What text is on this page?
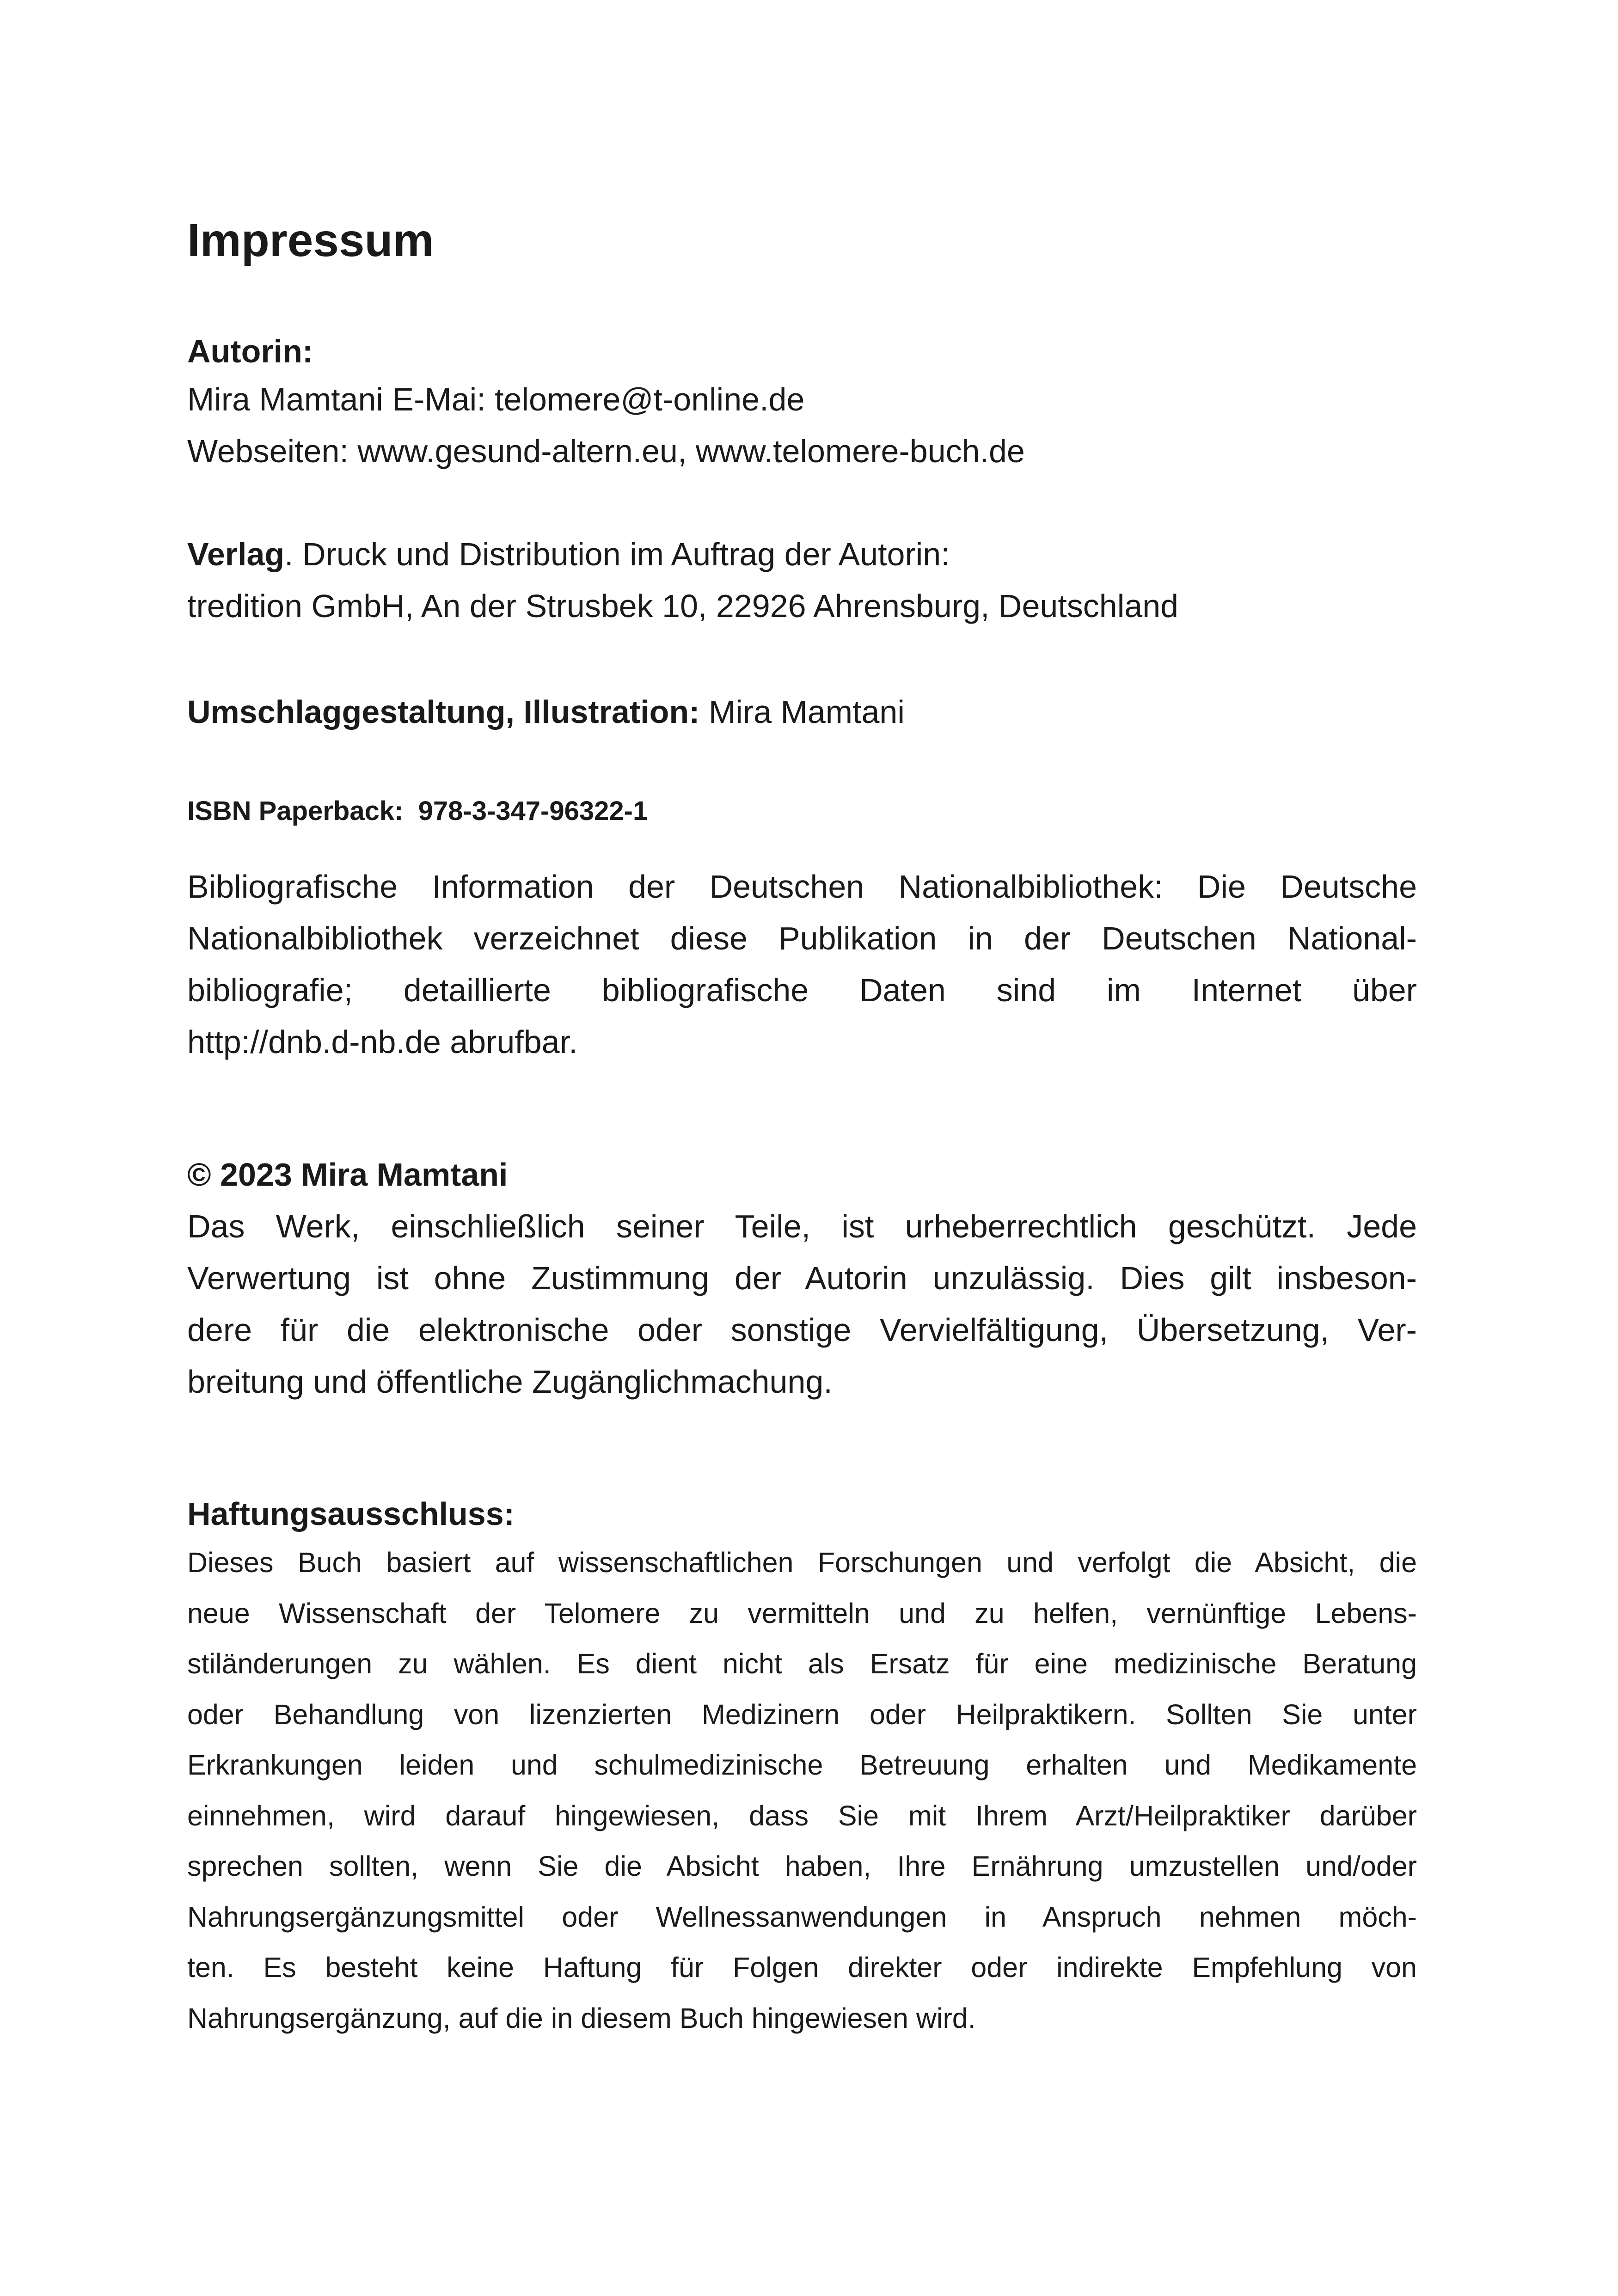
Impressum
Autorin:
Mira Mamtani E-Mai: telomere@t-online.de
Webseiten: www.gesund-altern.eu, www.telomere-buch.de
Verlag. Druck und Distribution im Auftrag der Autorin:
tredition GmbH, An der Strusbek 10, 22926 Ahrensburg, Deutschland
Umschlaggestaltung, Illustration: Mira Mamtani
ISBN Paperback:  978-3-347-96322-1
Bibliografische Information der Deutschen Nationalbibliothek: Die Deutsche
Nationalbibliothek verzeichnet diese Publikation in der Deutschen National-
bibliografie; detaillierte bibliografische Daten sind im Internet über
http://dnb.d-nb.de abrufbar.
© 2023 Mira Mamtani
Das Werk, einschließlich seiner Teile, ist urheberrechtlich geschützt. Jede
Verwertung ist ohne Zustimmung der Autorin unzulässig. Dies gilt insbeson-
dere für die elektronische oder sonstige Vervielfältigung, Übersetzung, Ver-
breitung und öffentliche Zugänglichmachung.
Haftungsausschluss:
Dieses Buch basiert auf wissenschaftlichen Forschungen und verfolgt die Absicht, die
neue Wissenschaft der Telomere zu vermitteln und zu helfen, vernünftige Lebens-
stiländerungen zu wählen. Es dient nicht als Ersatz für eine medizinische Beratung
oder Behandlung von lizenzierten Medizinern oder Heilpraktikern. Sollten Sie unter
Erkrankungen leiden und schulmedizinische Betreuung erhalten und Medikamente
einnehmen, wird darauf hingewiesen, dass Sie mit Ihrem Arzt/Heilpraktiker darüber
sprechen sollten, wenn Sie die Absicht haben, Ihre Ernährung umzustellen und/oder
Nahrungsergänzungsmittel oder Wellnessanwendungen in Anspruch nehmen möch-
ten. Es besteht keine Haftung für Folgen direkter oder indirekte Empfehlung von
Nahrungsergänzung, auf die in diesem Buch hingewiesen wird.
